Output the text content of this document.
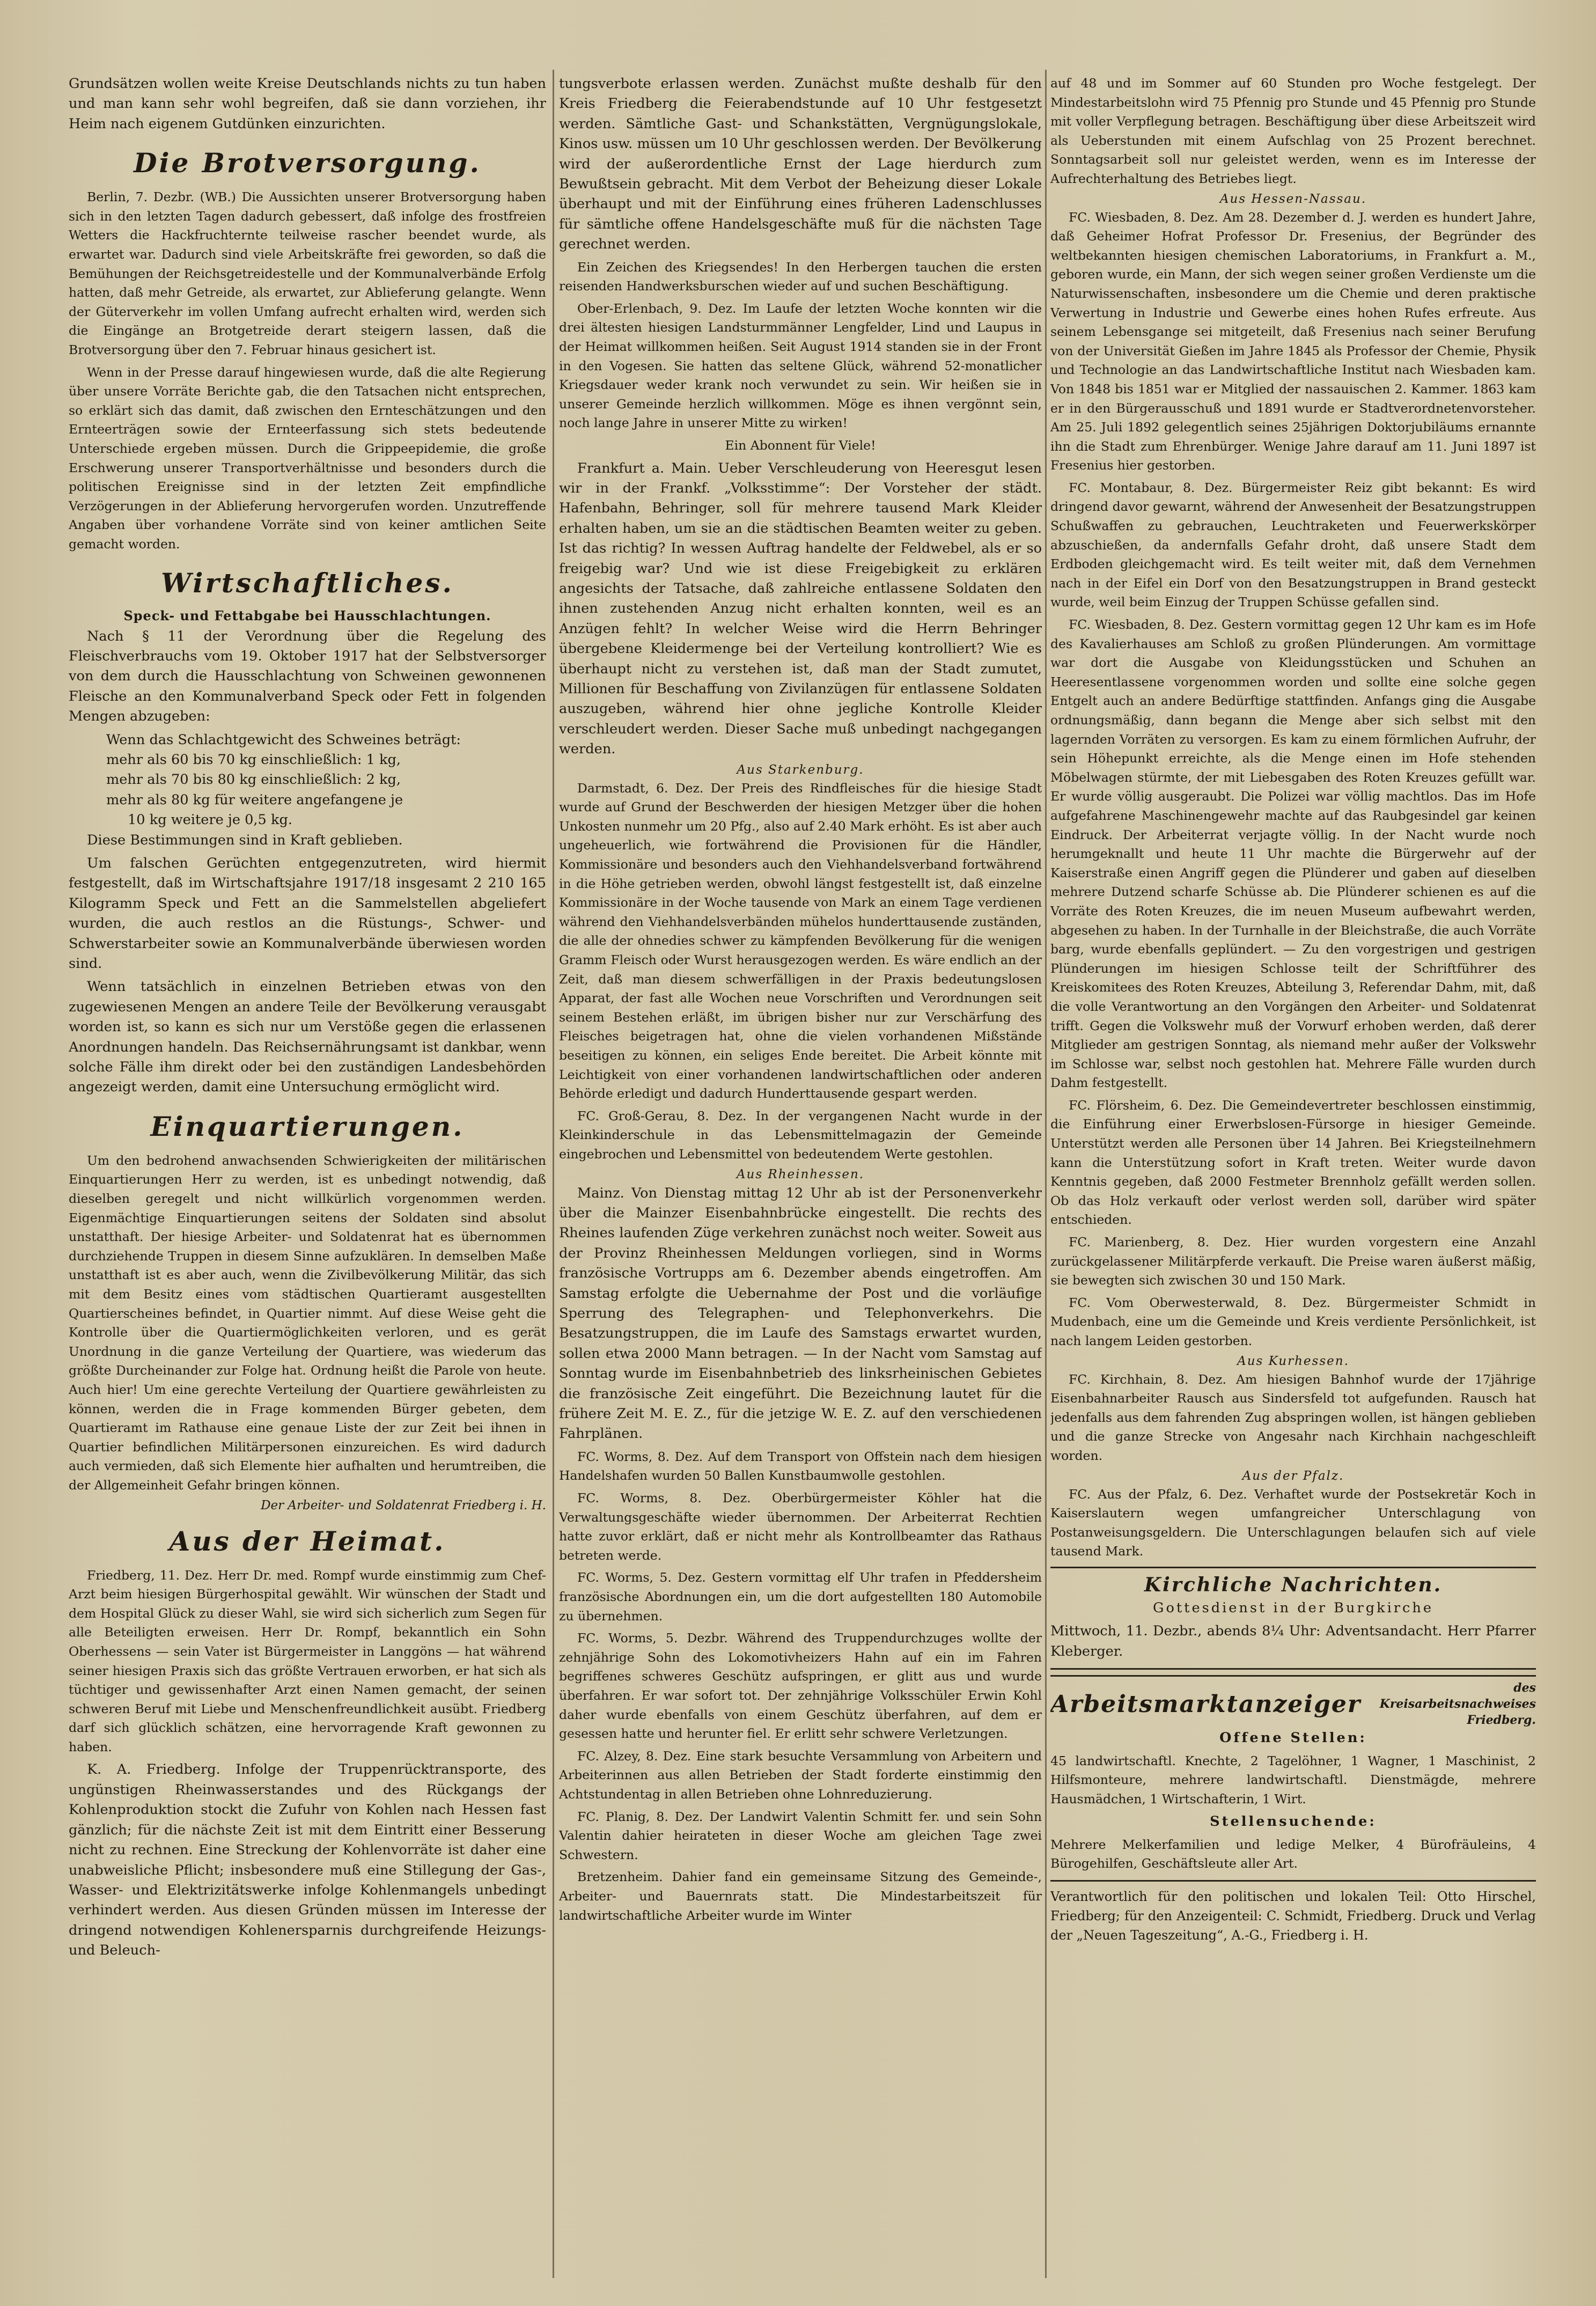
Grundsätzen wollen weite Kreise Deutschlands nichts zu tun haben und man kann sehr wohl begreifen, daß sie dann vorziehen, ihr Heim nach eigenem Gutdünken einzurichten.

Die Brotversorgung.

Berlin, 7. Dezbr. (WB.) Die Aussichten unserer Brotversorgung haben sich in den letzten Tagen dadurch gebessert, daß infolge des frostfreien Wetters die Hackfruchternte teilweise rascher beendet wurde, als erwartet war. Dadurch sind viele Arbeitskräfte frei geworden, so daß die Bemühungen der Reichsgetreidestelle und der Kommunalverbände Erfolg hatten, daß mehr Getreide, als erwartet, zur Ablieferung gelangte. Wenn der Güterverkehr im vollen Umfang aufrecht erhalten wird, werden sich die Eingänge an Brotgetreide derart steigern lassen, daß die Brotversorgung über den 7. Februar hinaus gesichert ist.

Wenn in der Presse darauf hingewiesen wurde, daß die alte Regierung über unsere Vorräte Berichte gab, die den Tatsachen nicht entsprechen, so erklärt sich das damit, daß zwischen den Ernteschätzungen und den Ernteerträgen sowie der Ernteerfassung sich stets bedeutende Unterschiede ergeben müssen. Durch die Grippeepidemie, die große Erschwerung unserer Transportverhältnisse und besonders durch die politischen Ereignisse sind in der letzten Zeit empfindliche Verzögerungen in der Ablieferung hervorgerufen worden. Unzutreffende Angaben über vorhandene Vorräte sind von keiner amtlichen Seite gemacht worden.

Wirtschaftliches.
Speck- und Fettabgabe bei Hausschlachtungen.

Nach § 11 der Verordnung über die Regelung des Fleischverbrauchs vom 19. Oktober 1917 hat der Selbstversorger von dem durch die Hausschlachtung von Schweinen gewonnenen Fleische an den Kommunalverband Speck oder Fett in folgenden Mengen abzugeben:

Wenn das Schlachtgewicht des Schweines beträgt:

mehr als 60 bis 70 kg einschließlich: 1 kg,

mehr als 70 bis 80 kg einschließlich: 2 kg,

mehr als 80 kg für weitere angefangene je

10 kg weitere je 0,5 kg.

Diese Bestimmungen sind in Kraft geblieben.

Um falschen Gerüchten entgegenzutreten, wird hiermit festgestellt, daß im Wirtschaftsjahre 1917/18 insgesamt 2 210 165 Kilogramm Speck und Fett an die Sammelstellen abgeliefert wurden, die auch restlos an die Rüstungs-, Schwer- und Schwerstarbeiter sowie an Kommunalverbände überwiesen worden sind.

Wenn tatsächlich in einzelnen Betrieben etwas von den zugewiesenen Mengen an andere Teile der Bevölkerung verausgabt worden ist, so kann es sich nur um Verstöße gegen die erlassenen Anordnungen handeln. Das Reichsernährungsamt ist dankbar, wenn solche Fälle ihm direkt oder bei den zuständigen Landesbehörden angezeigt werden, damit eine Untersuchung ermöglicht wird.

Einquartierungen.

Um den bedrohend anwachsenden Schwierigkeiten der militärischen Einquartierungen Herr zu werden, ist es unbedingt notwendig, daß dieselben geregelt und nicht willkürlich vorgenommen werden. Eigenmächtige Einquartierungen seitens der Soldaten sind absolut unstatthaft. Der hiesige Arbeiter- und Soldatenrat hat es übernommen durchziehende Truppen in diesem Sinne aufzuklären. In demselben Maße unstatthaft ist es aber auch, wenn die Zivilbevölkerung Militär, das sich mit dem Besitz eines vom städtischen Quartieramt ausgestellten Quartierscheines befindet, in Quartier nimmt. Auf diese Weise geht die Kontrolle über die Quartiermöglichkeiten verloren, und es gerät Unordnung in die ganze Verteilung der Quartiere, was wiederum das größte Durcheinander zur Folge hat. Ordnung heißt die Parole von heute. Auch hier! Um eine gerechte Verteilung der Quartiere gewährleisten zu können, werden die in Frage kommenden Bürger gebeten, dem Quartieramt im Rathause eine genaue Liste der zur Zeit bei ihnen in Quartier befindlichen Militärpersonen einzureichen. Es wird dadurch auch vermieden, daß sich Elemente hier aufhalten und herumtreiben, die der Allgemeinheit Gefahr bringen können.

Der Arbeiter- und Soldatenrat Friedberg i. H.
Aus der Heimat.

Friedberg, 11. Dez. Herr Dr. med. Rompf wurde einstimmig zum Chef-Arzt beim hiesigen Bürgerhospital gewählt. Wir wünschen der Stadt und dem Hospital Glück zu dieser Wahl, sie wird sich sicherlich zum Segen für alle Beteiligten erweisen. Herr Dr. Rompf, bekanntlich ein Sohn Oberhessens — sein Vater ist Bürgermeister in Langgöns — hat während seiner hiesigen Praxis sich das größte Vertrauen erworben, er hat sich als tüchtiger und gewissenhafter Arzt einen Namen gemacht, der seinen schweren Beruf mit Liebe und Menschenfreundlichkeit ausübt. Friedberg darf sich glücklich schätzen, eine hervorragende Kraft gewonnen zu haben.

K. A. Friedberg. Infolge der Truppenrücktransporte, des ungünstigen Rheinwasserstandes und des Rückgangs der Kohlenproduktion stockt die Zufuhr von Kohlen nach Hessen fast gänzlich; für die nächste Zeit ist mit dem Eintritt einer Besserung nicht zu rechnen. Eine Streckung der Kohlenvorräte ist daher eine unabweisliche Pflicht; insbesondere muß eine Stillegung der Gas-, Wasser- und Elektrizitätswerke infolge Kohlenmangels unbedingt verhindert werden. Aus diesen Gründen müssen im Interesse der dringend notwendigen Kohlenersparnis durchgreifende Heizungs- und Beleuch-

tungsverbote erlassen werden. Zunächst mußte deshalb für den Kreis Friedberg die Feierabendstunde auf 10 Uhr festgesetzt werden. Sämtliche Gast- und Schankstätten, Vergnügungslokale, Kinos usw. müssen um 10 Uhr geschlossen werden. Der Bevölkerung wird der außerordentliche Ernst der Lage hierdurch zum Bewußtsein gebracht. Mit dem Verbot der Beheizung dieser Lokale überhaupt und mit der Einführung eines früheren Ladenschlusses für sämtliche offene Handelsgeschäfte muß für die nächsten Tage gerechnet werden.

Ein Zeichen des Kriegsendes! In den Herbergen tauchen die ersten reisenden Handwerksburschen wieder auf und suchen Beschäftigung.

Ober-Erlenbach, 9. Dez. Im Laufe der letzten Woche konnten wir die drei ältesten hiesigen Landsturmmänner Lengfelder, Lind und Laupus in der Heimat willkommen heißen. Seit August 1914 standen sie in der Front in den Vogesen. Sie hatten das seltene Glück, während 52-monatlicher Kriegsdauer weder krank noch verwundet zu sein. Wir heißen sie in unserer Gemeinde herzlich willkommen. Möge es ihnen vergönnt sein, noch lange Jahre in unserer Mitte zu wirken!

Ein Abonnent für Viele!

Frankfurt a. Main. Ueber Verschleuderung von Heeresgut lesen wir in der Frankf. „Volksstimme“: Der Vorsteher der städt. Hafenbahn, Behringer, soll für mehrere tausend Mark Kleider erhalten haben, um sie an die städtischen Beamten weiter zu geben. Ist das richtig? In wessen Auftrag handelte der Feldwebel, als er so freigebig war? Und wie ist diese Freigebigkeit zu erklären angesichts der Tatsache, daß zahlreiche entlassene Soldaten den ihnen zustehenden Anzug nicht erhalten konnten, weil es an Anzügen fehlt? In welcher Weise wird die Herrn Behringer übergebene Kleidermenge bei der Verteilung kontrolliert? Wie es überhaupt nicht zu verstehen ist, daß man der Stadt zumutet, Millionen für Beschaffung von Zivilanzügen für entlassene Soldaten auszugeben, während hier ohne jegliche Kontrolle Kleider verschleudert werden. Dieser Sache muß unbedingt nachgegangen werden.

Aus Starkenburg.

Darmstadt, 6. Dez. Der Preis des Rindfleisches für die hiesige Stadt wurde auf Grund der Beschwerden der hiesigen Metzger über die hohen Unkosten nunmehr um 20 Pfg., also auf 2.40 Mark erhöht. Es ist aber auch ungeheuerlich, wie fortwährend die Provisionen für die Händler, Kommissionäre und besonders auch den Viehhandelsverband fortwährend in die Höhe getrieben werden, obwohl längst festgestellt ist, daß einzelne Kommissionäre in der Woche tausende von Mark an einem Tage verdienen während den Viehhandelsverbänden mühelos hunderttausende zuständen, die alle der ohnedies schwer zu kämpfenden Bevölkerung für die wenigen Gramm Fleisch oder Wurst herausgezogen werden. Es wäre endlich an der Zeit, daß man diesem schwerfälligen in der Praxis bedeutungslosen Apparat, der fast alle Wochen neue Vorschriften und Verordnungen seit seinem Bestehen erläßt, im übrigen bisher nur zur Verschärfung des Fleisches beigetragen hat, ohne die vielen vorhandenen Mißstände beseitigen zu können, ein seliges Ende bereitet. Die Arbeit könnte mit Leichtigkeit von einer vorhandenen landwirtschaftlichen oder anderen Behörde erledigt und dadurch Hunderttausende gespart werden.

FC. Groß-Gerau, 8. Dez. In der vergangenen Nacht wurde in der Kleinkinderschule in das Lebensmittelmagazin der Gemeinde eingebrochen und Lebensmittel von bedeutendem Werte gestohlen.

Aus Rheinhessen.

Mainz. Von Dienstag mittag 12 Uhr ab ist der Personenverkehr über die Mainzer Eisenbahnbrücke eingestellt. Die rechts des Rheines laufenden Züge verkehren zunächst noch weiter. Soweit aus der Provinz Rheinhessen Meldungen vorliegen, sind in Worms französische Vortrupps am 6. Dezember abends eingetroffen. Am Samstag erfolgte die Uebernahme der Post und die vorläufige Sperrung des Telegraphen- und Telephonverkehrs. Die Besatzungstruppen, die im Laufe des Samstags erwartet wurden, sollen etwa 2000 Mann betragen. — In der Nacht vom Samstag auf Sonntag wurde im Eisenbahnbetrieb des linksrheinischen Gebietes die französische Zeit eingeführt. Die Bezeichnung lautet für die frühere Zeit M. E. Z., für die jetzige W. E. Z. auf den verschiedenen Fahrplänen.

FC. Worms, 8. Dez. Auf dem Transport von Offstein nach dem hiesigen Handelshafen wurden 50 Ballen Kunstbaumwolle gestohlen.

FC. Worms, 8. Dez. Oberbürgermeister Köhler hat die Verwaltungsgeschäfte wieder übernommen. Der Arbeiterrat Rechtien hatte zuvor erklärt, daß er nicht mehr als Kontrollbeamter das Rathaus betreten werde.

FC. Worms, 5. Dez. Gestern vormittag elf Uhr trafen in Pfeddersheim französische Abordnungen ein, um die dort aufgestellten 180 Automobile zu übernehmen.

FC. Worms, 5. Dezbr. Während des Truppendurchzuges wollte der zehnjährige Sohn des Lokomotivheizers Hahn auf ein im Fahren begriffenes schweres Geschütz aufspringen, er glitt aus und wurde überfahren. Er war sofort tot. Der zehnjährige Volksschüler Erwin Kohl daher wurde ebenfalls von einem Geschütz überfahren, auf dem er gesessen hatte und herunter fiel. Er erlitt sehr schwere Verletzungen.

FC. Alzey, 8. Dez. Eine stark besuchte Versammlung von Arbeitern und Arbeiterinnen aus allen Betrieben der Stadt forderte einstimmig den Achtstundentag in allen Betrieben ohne Lohnreduzierung.

FC. Planig, 8. Dez. Der Landwirt Valentin Schmitt fer. und sein Sohn Valentin dahier heirateten in dieser Woche am gleichen Tage zwei Schwestern.

Bretzenheim. Dahier fand ein gemeinsame Sitzung des Gemeinde-, Arbeiter- und Bauernrats statt. Die Mindestarbeitszeit für landwirtschaftliche Arbeiter wurde im Winter

auf 48 und im Sommer auf 60 Stunden pro Woche festgelegt. Der Mindestarbeitslohn wird 75 Pfennig pro Stunde und 45 Pfennig pro Stunde mit voller Verpflegung betragen. Beschäftigung über diese Arbeitszeit wird als Ueberstunden mit einem Aufschlag von 25 Prozent berechnet. Sonntagsarbeit soll nur geleistet werden, wenn es im Interesse der Aufrechterhaltung des Betriebes liegt.

Aus Hessen-Nassau.

FC. Wiesbaden, 8. Dez. Am 28. Dezember d. J. werden es hundert Jahre, daß Geheimer Hofrat Professor Dr. Fresenius, der Begründer des weltbekannten hiesigen chemischen Laboratoriums, in Frankfurt a. M., geboren wurde, ein Mann, der sich wegen seiner großen Verdienste um die Naturwissenschaften, insbesondere um die Chemie und deren praktische Verwertung in Industrie und Gewerbe eines hohen Rufes erfreute. Aus seinem Lebensgange sei mitgeteilt, daß Fresenius nach seiner Berufung von der Universität Gießen im Jahre 1845 als Professor der Chemie, Physik und Technologie an das Landwirtschaftliche Institut nach Wiesbaden kam. Von 1848 bis 1851 war er Mitglied der nassauischen 2. Kammer. 1863 kam er in den Bürgerausschuß und 1891 wurde er Stadtverordnetenvorsteher. Am 25. Juli 1892 gelegentlich seines 25jährigen Doktorjubiläums ernannte ihn die Stadt zum Ehrenbürger. Wenige Jahre darauf am 11. Juni 1897 ist Fresenius hier gestorben.

FC. Montabaur, 8. Dez. Bürgermeister Reiz gibt bekannt: Es wird dringend davor gewarnt, während der Anwesenheit der Besatzungstruppen Schußwaffen zu gebrauchen, Leuchtraketen und Feuerwerkskörper abzuschießen, da andernfalls Gefahr droht, daß unsere Stadt dem Erdboden gleichgemacht wird. Es teilt weiter mit, daß dem Vernehmen nach in der Eifel ein Dorf von den Besatzungstruppen in Brand gesteckt wurde, weil beim Einzug der Truppen Schüsse gefallen sind.

FC. Wiesbaden, 8. Dez. Gestern vormittag gegen 12 Uhr kam es im Hofe des Kavalierhauses am Schloß zu großen Plünderungen. Am vormittage war dort die Ausgabe von Kleidungsstücken und Schuhen an Heeresentlassene vorgenommen worden und sollte eine solche gegen Entgelt auch an andere Bedürftige stattfinden. Anfangs ging die Ausgabe ordnungsmäßig, dann begann die Menge aber sich selbst mit den lagernden Vorräten zu versorgen. Es kam zu einem förmlichen Aufruhr, der sein Höhepunkt erreichte, als die Menge einen im Hofe stehenden Möbelwagen stürmte, der mit Liebesgaben des Roten Kreuzes gefüllt war. Er wurde völlig ausgeraubt. Die Polizei war völlig machtlos. Das im Hofe aufgefahrene Maschinengewehr machte auf das Raubgesindel gar keinen Eindruck. Der Arbeiterrat verjagte völlig. In der Nacht wurde noch herumgeknallt und heute 11 Uhr machte die Bürgerwehr auf der Kaiserstraße einen Angriff gegen die Plünderer und gaben auf dieselben mehrere Dutzend scharfe Schüsse ab. Die Plünderer schienen es auf die Vorräte des Roten Kreuzes, die im neuen Museum aufbewahrt werden, abgesehen zu haben. In der Turnhalle in der Bleichstraße, die auch Vorräte barg, wurde ebenfalls geplündert. — Zu den vorgestrigen und gestrigen Plünderungen im hiesigen Schlosse teilt der Schriftführer des Kreiskomitees des Roten Kreuzes, Abteilung 3, Referendar Dahm, mit, daß die volle Verantwortung an den Vorgängen den Arbeiter- und Soldatenrat trifft. Gegen die Volkswehr muß der Vorwurf erhoben werden, daß derer Mitglieder am gestrigen Sonntag, als niemand mehr außer der Volkswehr im Schlosse war, selbst noch gestohlen hat. Mehrere Fälle wurden durch Dahm festgestellt.

FC. Flörsheim, 6. Dez. Die Gemeindevertreter beschlossen einstimmig, die Einführung einer Erwerbslosen-Fürsorge in hiesiger Gemeinde. Unterstützt werden alle Personen über 14 Jahren. Bei Kriegsteilnehmern kann die Unterstützung sofort in Kraft treten. Weiter wurde davon Kenntnis gegeben, daß 2000 Festmeter Brennholz gefällt werden sollen. Ob das Holz verkauft oder verlost werden soll, darüber wird später entschieden.

FC. Marienberg, 8. Dez. Hier wurden vorgestern eine Anzahl zurückgelassener Militärpferde verkauft. Die Preise waren äußerst mäßig, sie bewegten sich zwischen 30 und 150 Mark.

FC. Vom Oberwesterwald, 8. Dez. Bürgermeister Schmidt in Mudenbach, eine um die Gemeinde und Kreis verdiente Persönlichkeit, ist nach langem Leiden gestorben.

Aus Kurhessen.

FC. Kirchhain, 8. Dez. Am hiesigen Bahnhof wurde der 17jährige Eisenbahnarbeiter Rausch aus Sindersfeld tot aufgefunden. Rausch hat jedenfalls aus dem fahrenden Zug abspringen wollen, ist hängen geblieben und die ganze Strecke von Angesahr nach Kirchhain nachgeschleift worden.

Aus der Pfalz.

FC. Aus der Pfalz, 6. Dez. Verhaftet wurde der Postsekretär Koch in Kaiserslautern wegen umfangreicher Unterschlagung von Postanweisungsgeldern. Die Unterschlagungen belaufen sich auf viele tausend Mark.

Kirchliche Nachrichten.

Gottesdienst in der Burgkirche

Mittwoch, 11. Dezbr., abends 8¼ Uhr: Adventsandacht. Herr Pfarrer Kleberger.

Arbeitsmarktanzeiger
des Kreisarbeitsnachweises Friedberg.

Offene Stellen:

45 landwirtschaftl. Knechte, 2 Tagelöhner, 1 Wagner, 1 Maschinist, 2 Hilfsmonteure, mehrere landwirtschaftl. Dienstmägde, mehrere Hausmädchen, 1 Wirtschafterin, 1 Wirt.

Stellensuchende:

Mehrere Melkerfamilien und ledige Melker, 4 Bürofräuleins, 4 Bürogehilfen, Geschäftsleute aller Art.

Verantwortlich für den politischen und lokalen Teil: Otto Hirschel, Friedberg; für den Anzeigenteil: C. Schmidt, Friedberg. Druck und Verlag der „Neuen Tageszeitung“, A.-G., Friedberg i. H.
